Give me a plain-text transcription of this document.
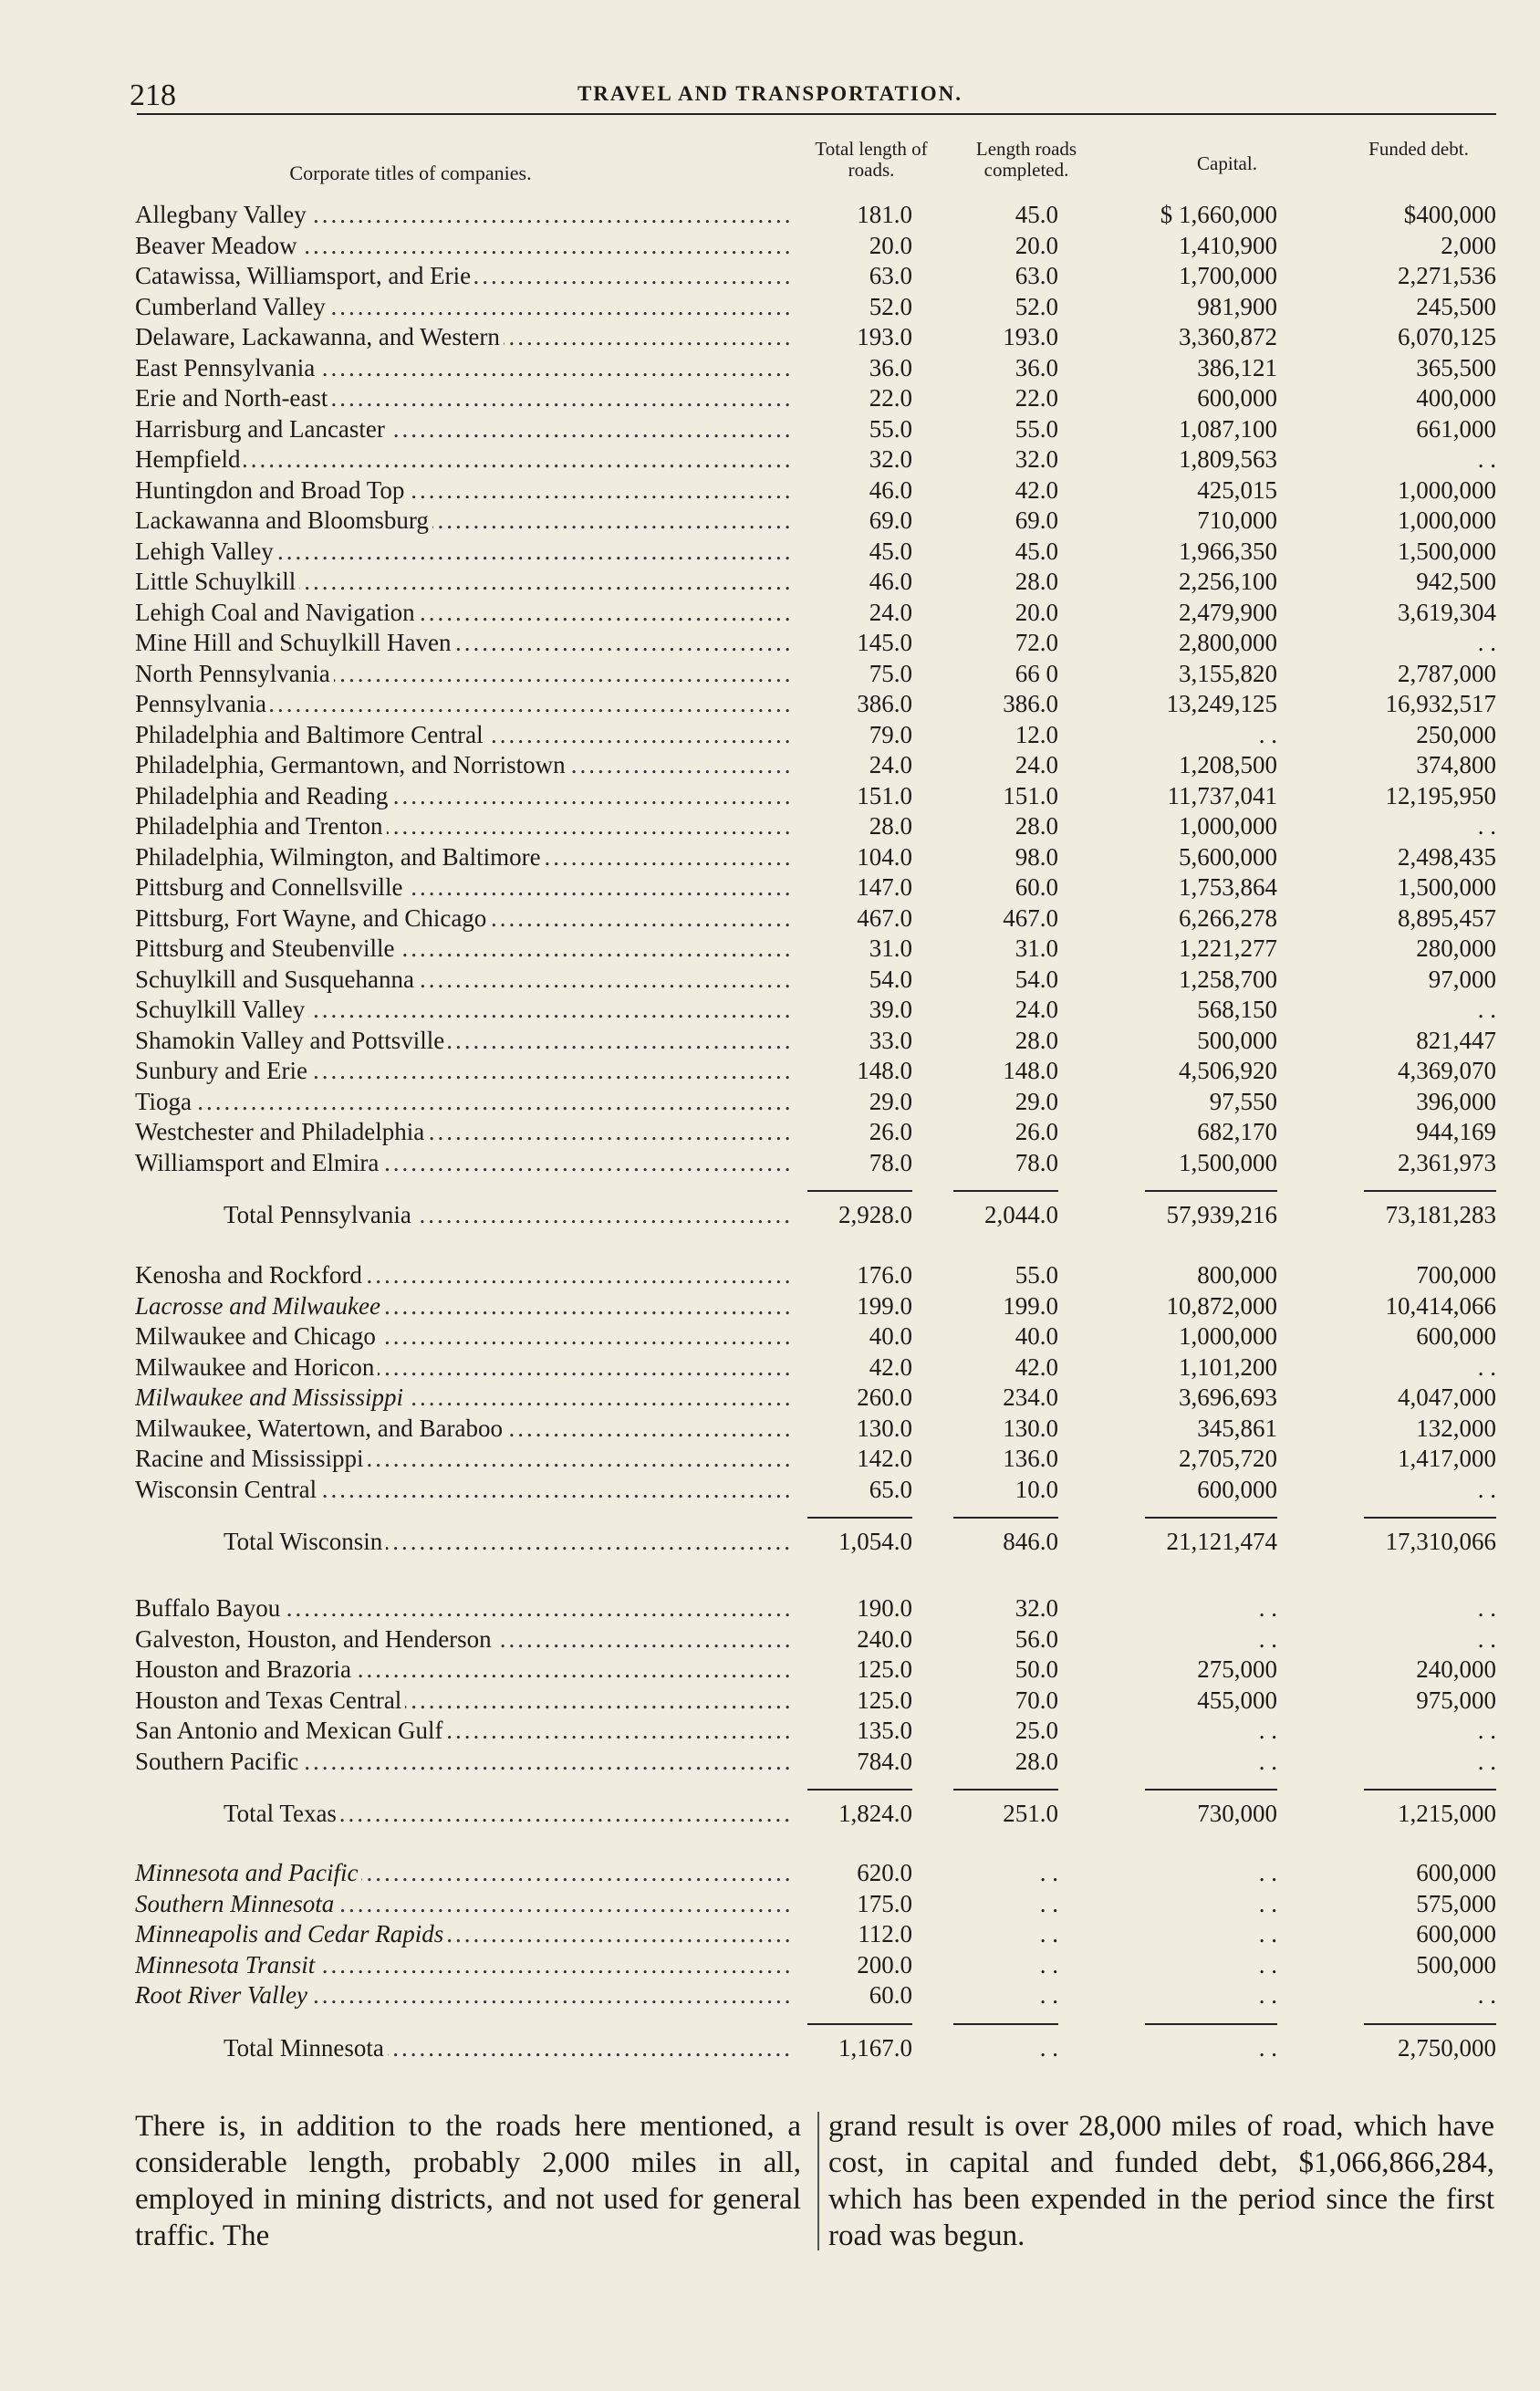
218	TRAVEL AND TRANSPORTATION.
Corporate titles of companies.
Total length of roads.
Length roads completed.	Capital.
Funded debt.
Allegbany Valley .....	181.0	45.0	$ 1,660,000	$400,000
Beaver Meadow .....	20.0	20.0	1,410,900	2,000
Catawissa, Williamsport, and Erie .....	63.0	63.0	1,700,000	2,271,536
Cumberland Valley .....	52.0	52.0	981,900	245,500
Delaware, Lackawanna, and Western .....	193.0	193.0	3,360,872	6,070,125
East Pennsylvania .....	36.0	36.0	386,121	365,500
Erie and North-east .....	22.0	22.0	600,000	400,000
Harrisburg and Lancaster .....	55.0	55.0	1,087,100	661,000
Hempfield .....	32.0	32.0	1,809,563	. .
Huntingdon and Broad Top .....	46.0	42.0	425,015	1,000,000
Lackawanna and Bloomsburg .....	69.0	69.0	710,000	1,000,000
Lehigh Valley .....	45.0	45.0	1,966,350	1,500,000
Little Schuylkill .....	46.0	28.0	2,256,100	942,500
Lehigh Coal and Navigation .....	24.0	20.0	2,479,900	3,619,304
Mine Hill and Schuylkill Haven .....	145.0	72.0	2,800,000	. .
North Pennsylvania .....	75.0	66 0	3,155,820	2,787,000
Pennsylvania .....	386.0	386.0	13,249,125	16,932,517
Philadelphia and Baltimore Central .....	79.0	12.0	. .	250,000
Philadelphia, Germantown, and Norristown .....	24.0	24.0	1,208,500	374,800
Philadelphia and Reading .....	151.0	151.0	11,737,041	12,195,950
Philadelphia and Trenton .....	28.0	28.0	1,000,000	. .
Philadelphia, Wilmington, and Baltimore .....	104.0	98.0	5,600,000	2,498,435
Pittsburg and Connellsville .....	147.0	60.0	1,753,864	1,500,000
Pittsburg, Fort Wayne, and Chicago .....	467.0	467.0	6,266,278	8,895,457
Pittsburg and Steubenville .....	31.0	31.0	1,221,277	280,000
Schuylkill and Susquehanna .....	54.0	54.0	1,258,700	97,000
Schuylkill Valley .....	39.0	24.0	568,150	. .
Shamokin Valley and Pottsville .....	33.0	28.0	500,000	821,447
Sunbury and Erie .....	148.0	148.0	4,506,920	4,369,070
Tioga .....	29.0	29.0	97,550	396,000
Westchester and Philadelphia .....	26.0	26.0	682,170	944,169
Williamsport and Elmira .....	78.0	78.0	1,500,000	2,361,973
Total Pennsylvania .....	2,928.0	2,044.0	57,939,216	73,181,283
Kenosha and Rockford .....	176.0	55.0	800,000	700,000
Lacrosse and Milwaukee .....	199.0	199.0	10,872,000	10,414,066
Milwaukee and Chicago .....	40.0	40.0	1,000,000	600,000
Milwaukee and Horicon .....	42.0	42.0	1,101,200	. .
Milwaukee and Mississippi .....	260.0	234.0	3,696,693	4,047,000
Milwaukee, Watertown, and Baraboo .....	130.0	130.0	345,861	132,000
Racine and Mississippi .....	142.0	136.0	2,705,720	1,417,000
Wisconsin Central .....	65.0	10.0	600,000	. .
Total Wisconsin .....	1,054.0	846.0	21,121,474	17,310,066
Buffalo Bayou .....	190.0	32.0	. .	. .
Galveston, Houston, and Henderson .....	240.0	56.0	. .	. .
Houston and Brazoria .....	125.0	50.0	275,000	240,000
Houston and Texas Central .....	125.0	70.0	455,000	975,000
San Antonio and Mexican Gulf .....	135.0	25.0	. .	. .
Southern Pacific .....	784.0	28.0	. .	. .
Total Texas .....	1,824.0	251.0	730,000	1,215,000
Minnesota and Pacific .....	620.0	. .	. .	600,000
Southern Minnesota .....	175.0	. .	. .	575,000
Minneapolis and Cedar Rapids .....	112.0	. .	. .	600,000
Minnesota Transit .....	200.0	. .	. .	500,000
Root River Valley .....	60.0	. .	. .	. .
Total Minnesota .....	1,167.0	. .	. .	2,750,000
There is, in addition to the roads here mentioned, a considerable length, probably 2,000 miles in all, employed in mining districts, and not used for general traffic. The
grand result is over 28,000 miles of road, which have cost, in capital and funded debt, $1,066,866,284, which has been expended in the period since the first road was begun.
